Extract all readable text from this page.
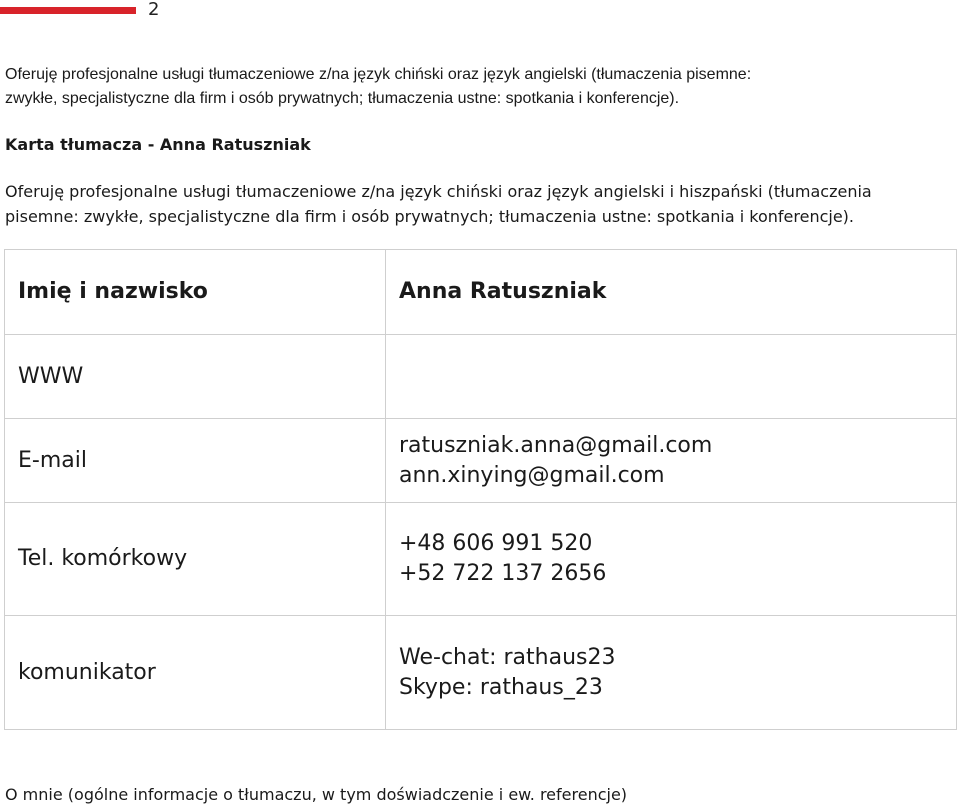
2

Oferuję profesjonalne usługi tłumaczeniowe z/na język chiński oraz język angielski (tłumaczenia pisemne:
zwykłe, specjalistyczne dla firm i osób prywatnych; tłumaczenia ustne: spotkania i konferencje).

Karta tłumacza - Anna Ratuszniak

Oferuję profesjonalne usługi tłumaczeniowe z/na język chiński oraz język angielski i hiszpański (tłumaczenia
pisemne: zwykłe, specjalistyczne dla firm i osób prywatnych; tłumaczenia ustne: spotkania i konferencje).

Imię i nazwisko	Anna Ratuszniak
WWW	
E-mail	ratuszniak.anna@gmail.com
ann.xinying@gmail.com

Tel. komórkowy	+48 606 991 520
+52 722 137 2656

komunikator	We-chat: rathaus23
Skype: rathaus_23

O mnie (ogólne informacje o tłumaczu, w tym doświadczenie i ew. referencje)
